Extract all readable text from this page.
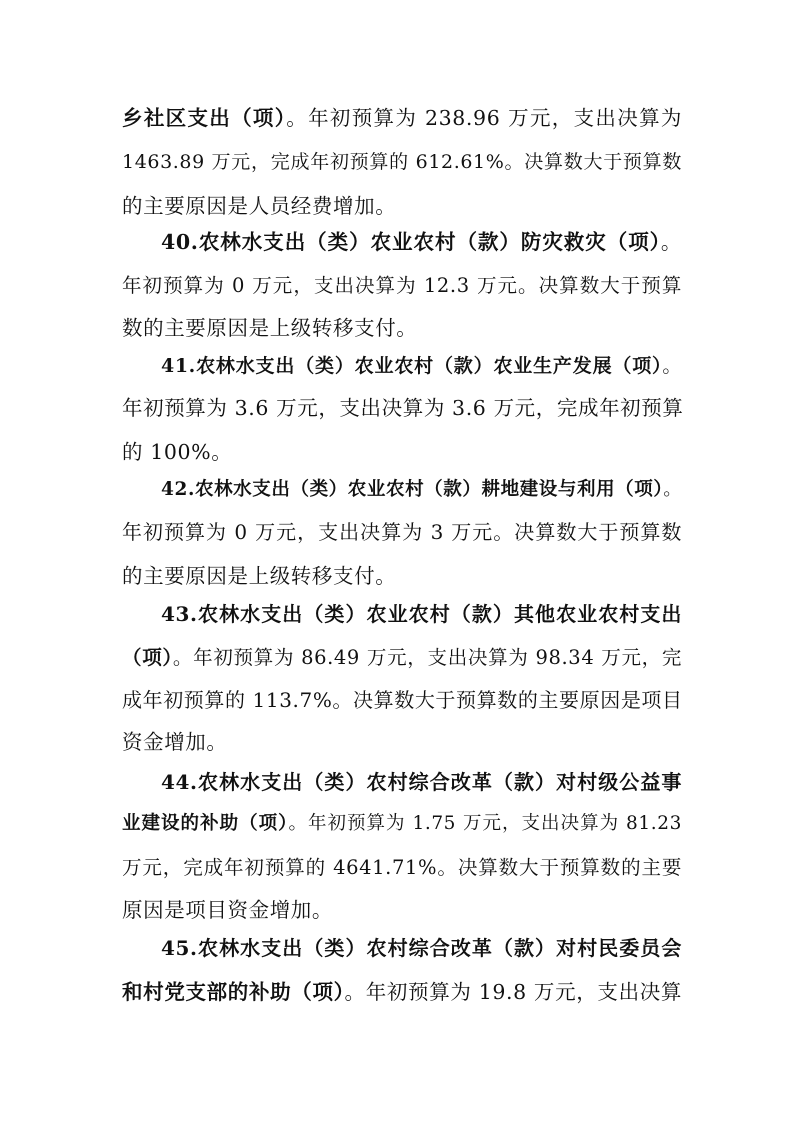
乡社区支出（项）。年初预算为 238.96 万元，支出决算为
1463.89 万元，完成年初预算的 612.61%。决算数大于预算数
的主要原因是人员经费增加。
40.农林水支出（类）农业农村（款）防灾救灾（项）。
年初预算为 0 万元，支出决算为 12.3 万元。决算数大于预算
数的主要原因是上级转移支付。
41.农林水支出（类）农业农村（款）农业生产发展（项）。
年初预算为 3.6 万元，支出决算为 3.6 万元，完成年初预算
的 100%。
42.农林水支出（类）农业农村（款）耕地建设与利用（项）。
年初预算为 0 万元，支出决算为 3 万元。决算数大于预算数
的主要原因是上级转移支付。
43.农林水支出（类）农业农村（款）其他农业农村支出
（项）。年初预算为 86.49 万元，支出决算为 98.34 万元，完
成年初预算的 113.7%。决算数大于预算数的主要原因是项目
资金增加。
44.农林水支出（类）农村综合改革（款）对村级公益事
业建设的补助（项）。年初预算为 1.75 万元，支出决算为 81.23
万元，完成年初预算的 4641.71%。决算数大于预算数的主要
原因是项目资金增加。
45.农林水支出（类）农村综合改革（款）对村民委员会
和村党支部的补助（项）。年初预算为 19.8 万元，支出决算
